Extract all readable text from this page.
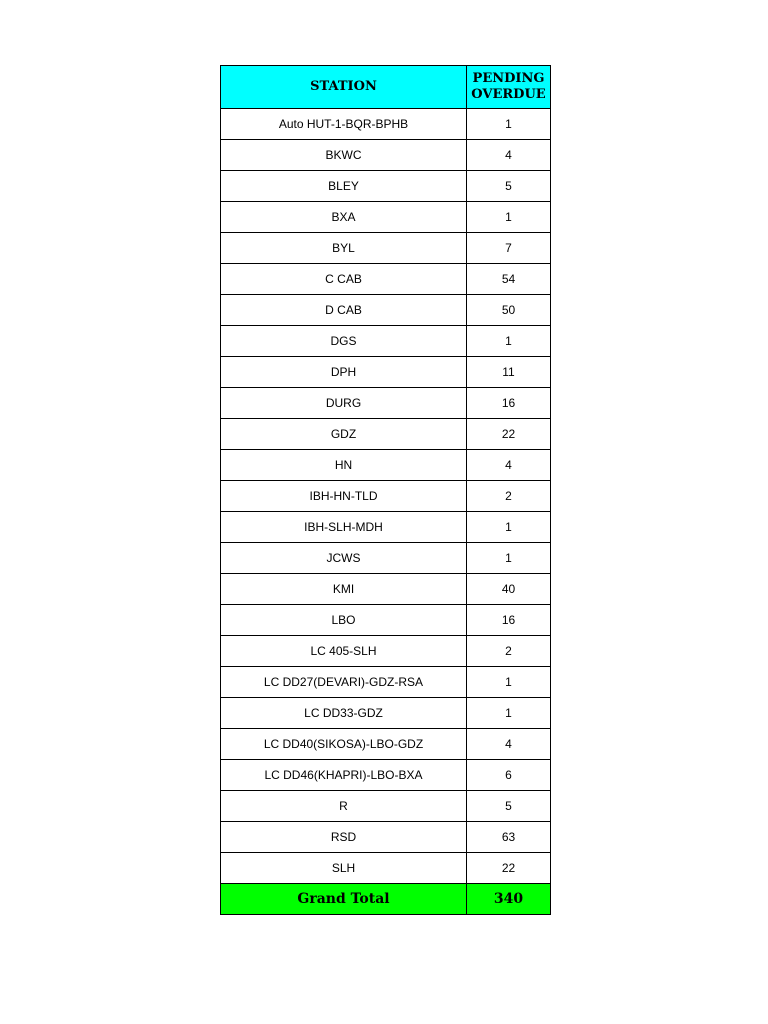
STATION	PENDING
OVERDUE

Auto HUT-1-BQR-BPHB	1
BKWC	4
BLEY	5
BXA	1
BYL	7
C CAB	54
D CAB	50
DGS	1
DPH	11
DURG	16
GDZ	22
HN	4
IBH-HN-TLD	2
IBH-SLH-MDH	1
JCWS	1
KMI	40
LBO	16
LC 405-SLH	2
LC DD27(DEVARI)-GDZ-RSA	1
LC DD33-GDZ	1
LC DD40(SIKOSA)-LBO-GDZ	4
LC DD46(KHAPRI)-LBO-BXA	6
R	5
RSD	63
SLH	22
Grand Total	340
